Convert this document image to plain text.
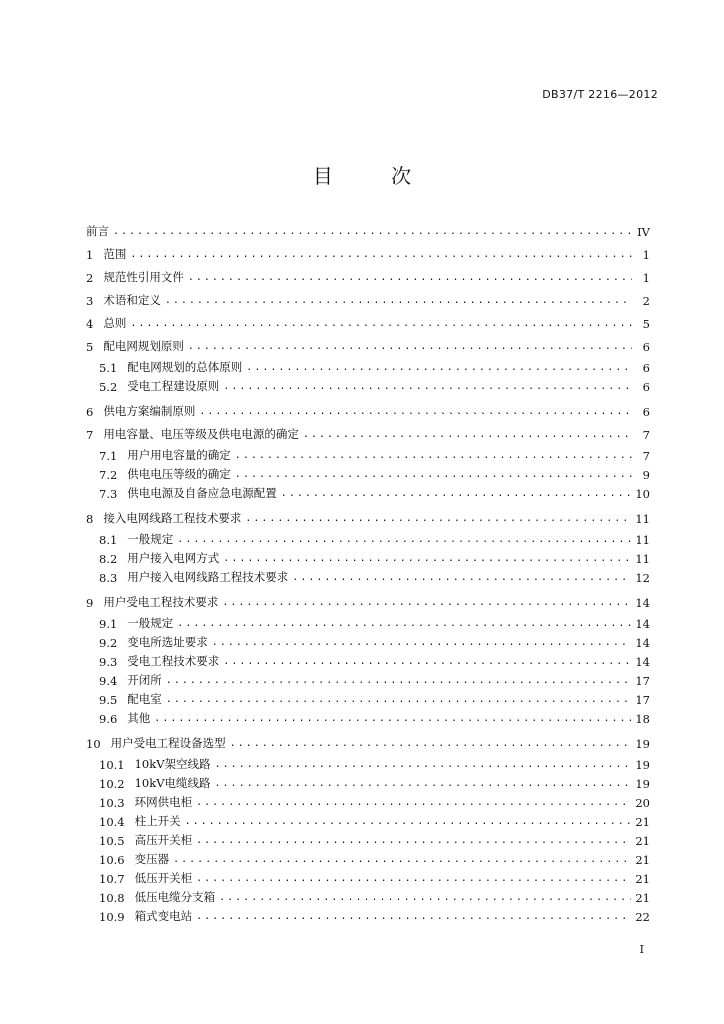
DB37/T 2216—2012
目 次
前言 .....	IV
1 范围 .....	1
2 规范性引用文件 .....	1
3 术语和定义 .....	2
4 总则 .....	5
5 配电网规划原则 .....	6
5.1 配电网规划的总体原则 .....	6
5.2 受电工程建设原则 .....	6
6 供电方案编制原则 .....	6
7 用电容量、电压等级及供电电源的确定 .....	7
7.1 用户用电容量的确定 .....	7
7.2 供电电压等级的确定 .....	9
7.3 供电电源及自备应急电源配置 .....	10
8 接入电网线路工程技术要求 .....	11
8.1 一般规定 .....	11
8.2 用户接入电网方式 .....	11
8.3 用户接入电网线路工程技术要求 .....	12
9 用户受电工程技术要求 .....	14
9.1 一般规定 .....	14
9.2 变电所选址要求 .....	14
9.3 受电工程技术要求 .....	14
9.4 开闭所 .....	17
9.5 配电室 .....	17
9.6 其他 .....	18
10 用户受电工程设备选型 .....	19
10.1 10kV架空线路 .....	19
10.2 10kV电缆线路 .....	19
10.3 环网供电柜 .....	20
10.4 柱上开关 .....	21
10.5 高压开关柜 .....	21
10.6 变压器 .....	21
10.7 低压开关柜 .....	21
10.8 低压电缆分支箱 .....	21
10.9 箱式变电站 .....	22
I
